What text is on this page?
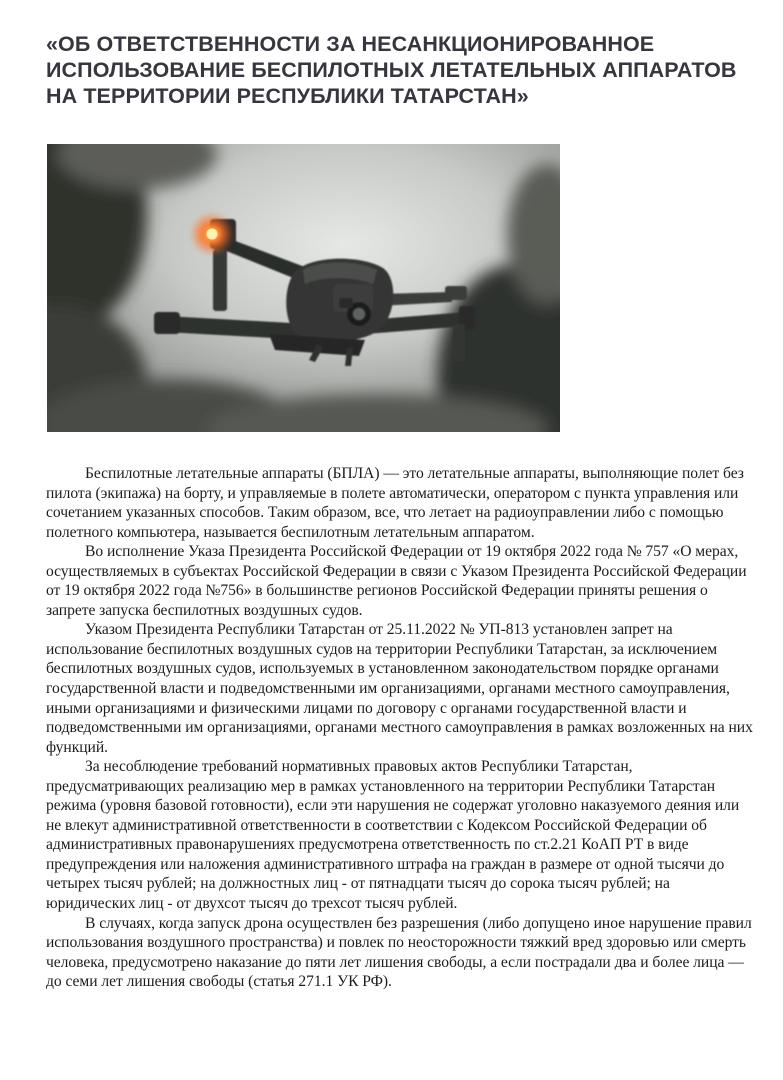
«ОБ ОТВЕТСТВЕННОСТИ ЗА НЕСАНКЦИОНИРОВАННОЕ ИСПОЛЬЗОВАНИЕ БЕСПИЛОТНЫХ ЛЕТАТЕЛЬНЫХ АППАРАТОВ НА ТЕРРИТОРИИ РЕСПУБЛИКИ ТАТАРСТАН»

Беспилотные летательные аппараты (БПЛА) — это летательные аппараты, выполняющие полет без пилота (экипажа) на борту, и управляемые в полете автоматически, оператором с пункта управления или сочетанием указанных способов. Таким образом, все, что летает на радиоуправлении либо с помощью полетного компьютера, называется беспилотным летательным аппаратом.

Во исполнение Указа Президента Российской Федерации от 19 октября 2022 года № 757 «О мерах, осуществляемых в субъектах Российской Федерации в связи с Указом Президента Российской Федерации от 19 октября 2022 года №756» в большинстве регионов Российской Федерации приняты решения о запрете запуска беспилотных воздушных судов.

Указом Президента Республики Татарстан от 25.11.2022 № УП-813 установлен запрет на использование беспилотных воздушных судов на территории Республики Татарстан, за исключением беспилотных воздушных судов, используемых в установленном законодательством порядке органами государственной власти и подведомственными им организациями, органами местного самоуправления, иными организациями и физическими лицами по договору с органами государственной власти и подведомственными им организациями, органами местного самоуправления в рамках возложенных на них функций.

За несоблюдение требований нормативных правовых актов Республики Татарстан, предусматривающих реализацию мер в рамках установленного на территории Республики Татарстан режима (уровня базовой готовности), если эти нарушения не содержат уголовно наказуемого деяния или не влекут административной ответственности в соответствии с Кодексом Российской Федерации об административных правонарушениях предусмотрена ответственность по ст.2.21 КоАП РТ в виде предупреждения или наложения административного штрафа на граждан в размере от одной тысячи до четырех тысяч рублей; на должностных лиц - от пятнадцати тысяч до сорока тысяч рублей; на юридических лиц - от двухсот тысяч до трехсот тысяч рублей.

В случаях, когда запуск дрона осуществлен без разрешения (либо допущено иное нарушение правил использования воздушного пространства) и повлек по неосторожности тяжкий вред здоровью или смерть человека, предусмотрено наказание до пяти лет лишения свободы, а если пострадали два и более лица — до семи лет лишения свободы (статья 271.1 УК РФ).
